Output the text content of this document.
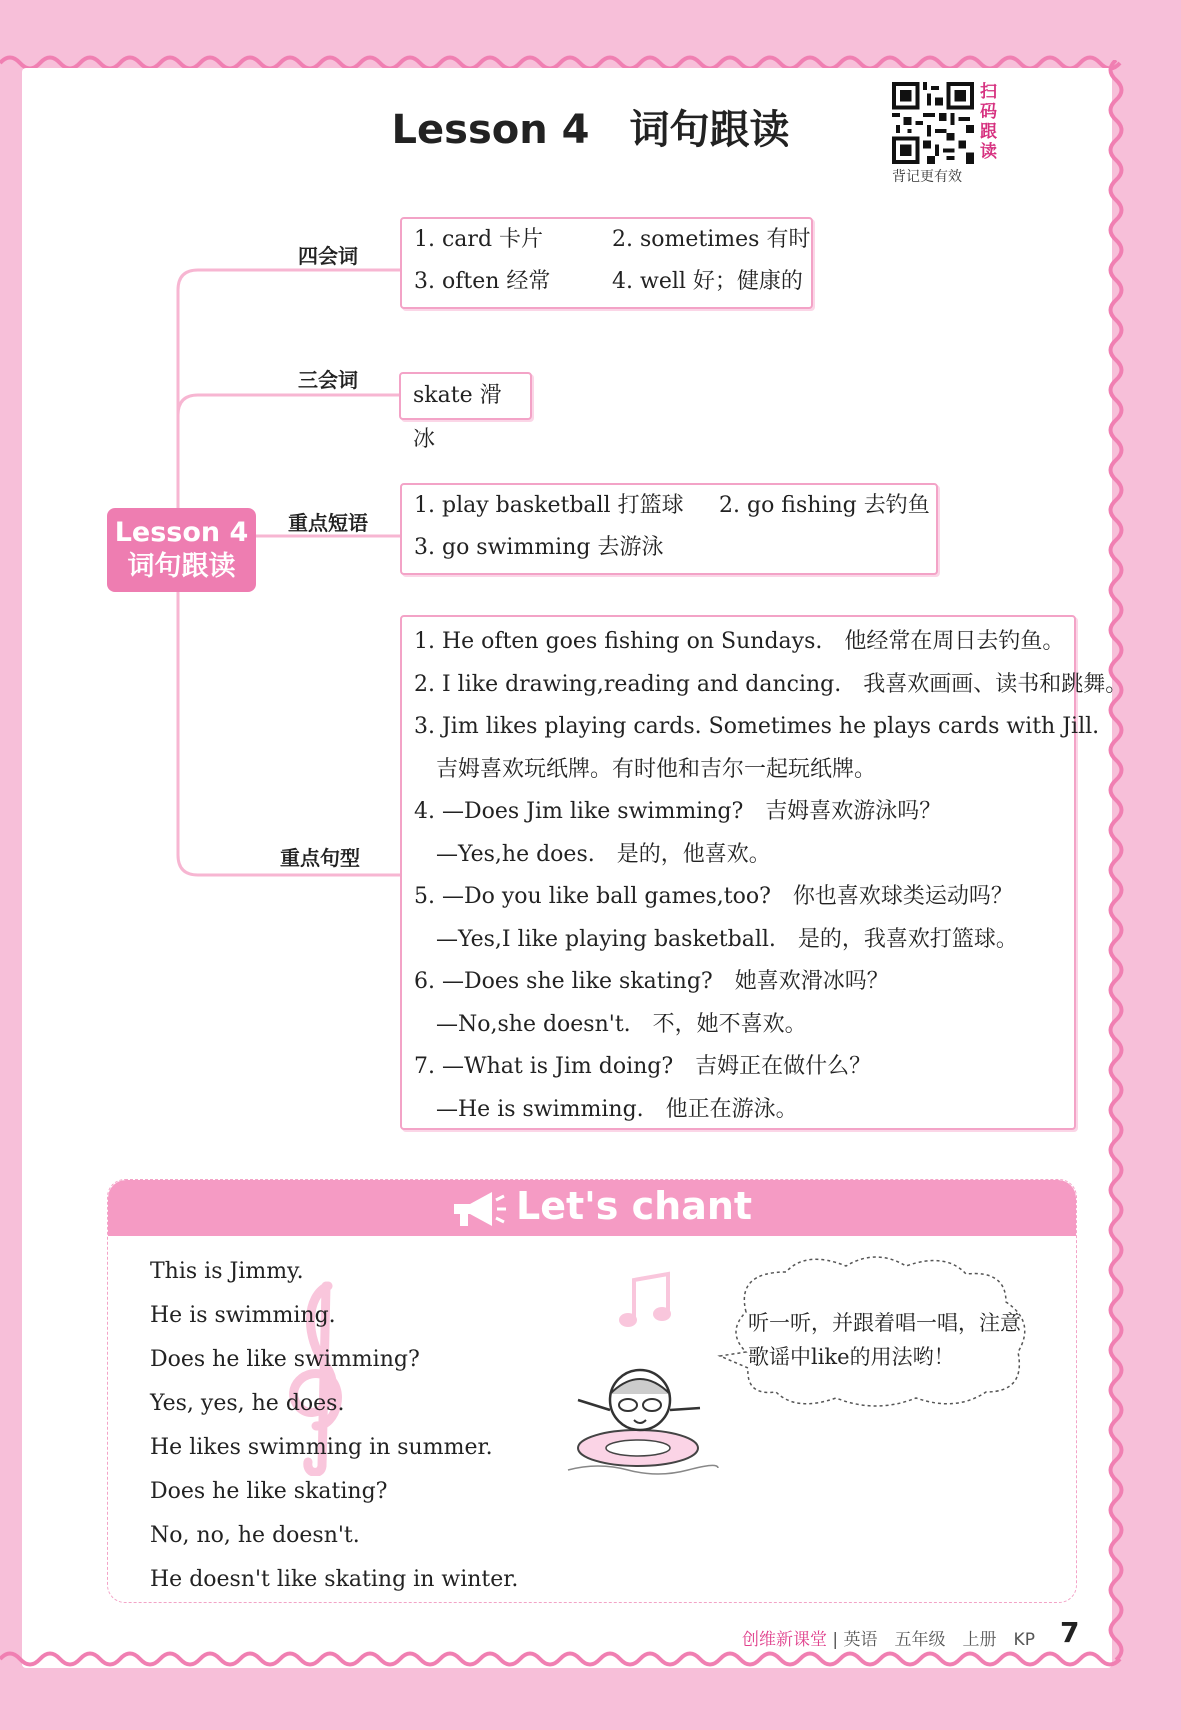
Lesson 4　词句跟读
扫码跟读
背记更有效
Lesson 4
词句跟读
四会词
三会词
重点短语
重点句型
1. card 卡片	2. sometimes 有时
3. often 经常	4. well 好；健康的
skate 滑冰
1. play basketball 打篮球 2. go fishing 去钓鱼
3. go swimming 去游泳
1. He often goes fishing on Sundays.　他经常在周日去钓鱼。
2. I like drawing,reading and dancing.　我喜欢画画、读书和跳舞。
3. Jim likes playing cards. Sometimes he plays cards with Jill.
　吉姆喜欢玩纸牌。有时他和吉尔一起玩纸牌。
4. —Does Jim like swimming?　吉姆喜欢游泳吗？
　—Yes,he does.　是的，他喜欢。
5. —Do you like ball games,too?　你也喜欢球类运动吗？
　—Yes,I like playing basketball.　是的，我喜欢打篮球。
6. —Does she like skating?　她喜欢滑冰吗？
　—No,she doesn't.　不，她不喜欢。
7. —What is Jim doing?　吉姆正在做什么？
　—He is swimming.　他正在游泳。
Let's chant
This is Jimmy.
He is swimming.
Does he like swimming?
Yes, yes, he does.
He likes swimming in summer.
Does he like skating?
No, no, he doesn't.
He doesn't like skating in winter.
听一听，并跟着唱一唱，注意歌谣中like的用法哟！
创维新课堂 | 英语　五年级　上册　KP 7
